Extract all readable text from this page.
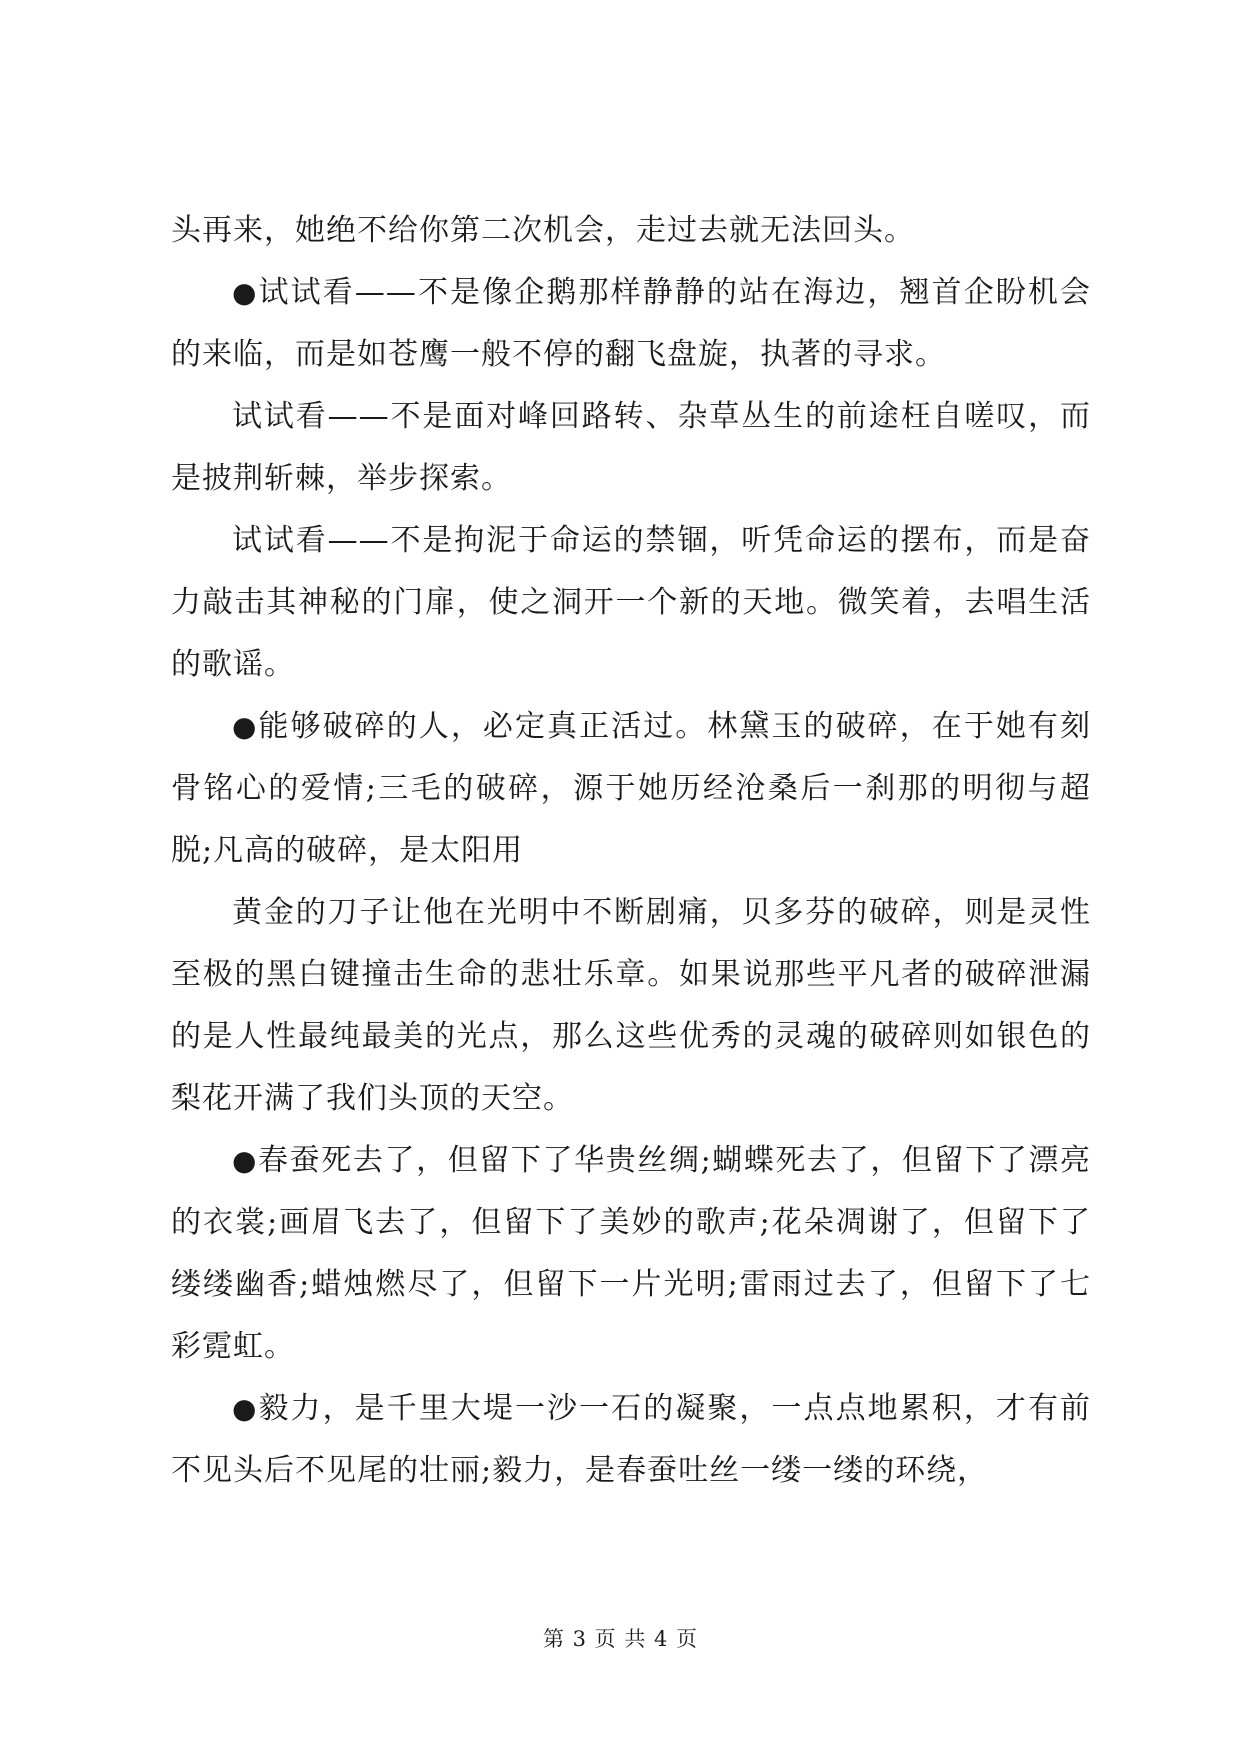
头再来，她绝不给你第二次机会，走过去就无法回头。

●试试看——不是像企鹅那样静静的站在海边，翘首企盼机会的来临，而是如苍鹰一般不停的翻飞盘旋，执著的寻求。

试试看——不是面对峰回路转、杂草丛生的前途枉自嗟叹，而是披荆斩棘，举步探索。

试试看——不是拘泥于命运的禁锢，听凭命运的摆布，而是奋力敲击其神秘的门扉，使之洞开一个新的天地。微笑着，去唱生活的歌谣。

●能够破碎的人，必定真正活过。林黛玉的破碎，在于她有刻骨铭心的爱情;三毛的破碎，源于她历经沧桑后一刹那的明彻与超脱;凡高的破碎，是太阳用

黄金的刀子让他在光明中不断剧痛，贝多芬的破碎，则是灵性至极的黑白键撞击生命的悲壮乐章。如果说那些平凡者的破碎泄漏的是人性最纯最美的光点，那么这些优秀的灵魂的破碎则如银色的梨花开满了我们头顶的天空。

●春蚕死去了，但留下了华贵丝绸;蝴蝶死去了，但留下了漂亮的衣裳;画眉飞去了，但留下了美妙的歌声;花朵凋谢了，但留下了缕缕幽香;蜡烛燃尽了，但留下一片光明;雷雨过去了，但留下了七彩霓虹。

●毅力，是千里大堤一沙一石的凝聚，一点点地累积，才有前不见头后不见尾的壮丽;毅力，是春蚕吐丝一缕一缕的环绕，

第 3 页 共 4 页
